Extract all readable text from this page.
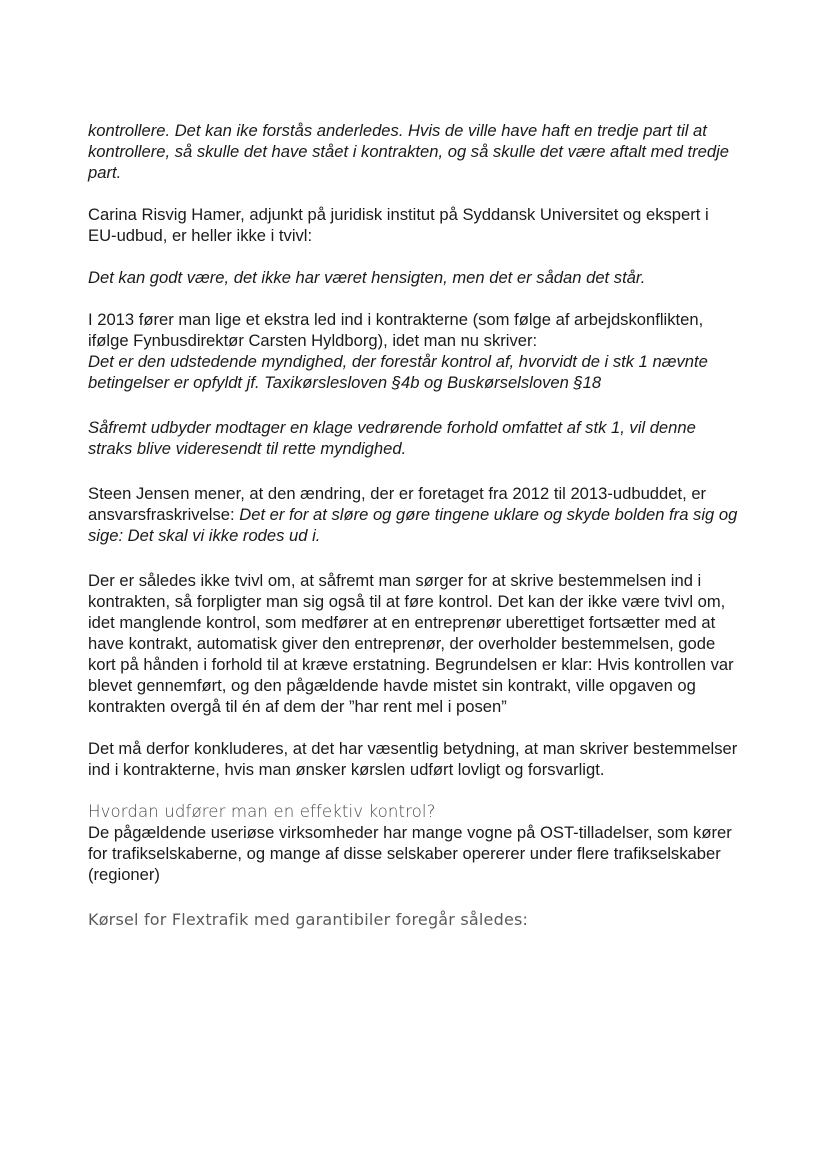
kontrollere. Det kan ike forstås anderledes. Hvis de ville have haft en tredje part til at kontrollere, så skulle det have stået i kontrakten, og så skulle det være aftalt med tredje part.

Carina Risvig Hamer, adjunkt på juridisk institut på Syddansk Universitet og ekspert i EU-udbud, er heller ikke i tvivl:

Det kan godt være, det ikke har været hensigten, men det er sådan det står.

I 2013 fører man lige et ekstra led ind i kontrakterne (som følge af arbejdskonflikten, ifølge Fynbusdirektør Carsten Hyldborg), idet man nu skriver:

Det er den udstedende myndighed, der forestår kontrol af, hvorvidt de i stk 1 nævnte betingelser er opfyldt jf. Taxikørslesloven §4b og Buskørselsloven §18

Såfremt udbyder modtager en klage vedrørende forhold omfattet af stk 1, vil denne straks blive videresendt til rette myndighed.

Steen Jensen mener, at den ændring, der er foretaget fra 2012 til 2013-udbuddet, er ansvarsfraskrivelse: Det er for at sløre og gøre tingene uklare og skyde bolden fra sig og sige: Det skal vi ikke rodes ud i.

Der er således ikke tvivl om, at såfremt man sørger for at skrive bestemmelsen ind i kontrakten, så forpligter man sig også til at føre kontrol. Det kan der ikke være tvivl om, idet manglende kontrol, som medfører at en entreprenør uberettiget fortsætter med at have kontrakt, automatisk giver den entreprenør, der overholder bestemmelsen, gode kort på hånden i forhold til at kræve erstatning. Begrundelsen er klar: Hvis kontrollen var blevet gennemført, og den pågældende havde mistet sin kontrakt, ville opgaven og kontrakten overgå til én af dem der ”har rent mel i posen”

Det må derfor konkluderes, at det har væsentlig betydning, at man skriver bestemmelser ind i kontrakterne, hvis man ønsker kørslen udført lovligt og forsvarligt.

Hvordan udfører man en effektiv kontrol?

De pågældende useriøse virksomheder har mange vogne på OST-tilladelser, som kører for trafikselskaberne, og mange af disse selskaber opererer under flere trafikselskaber (regioner)

Kørsel for Flextrafik med garantibiler foregår således:
